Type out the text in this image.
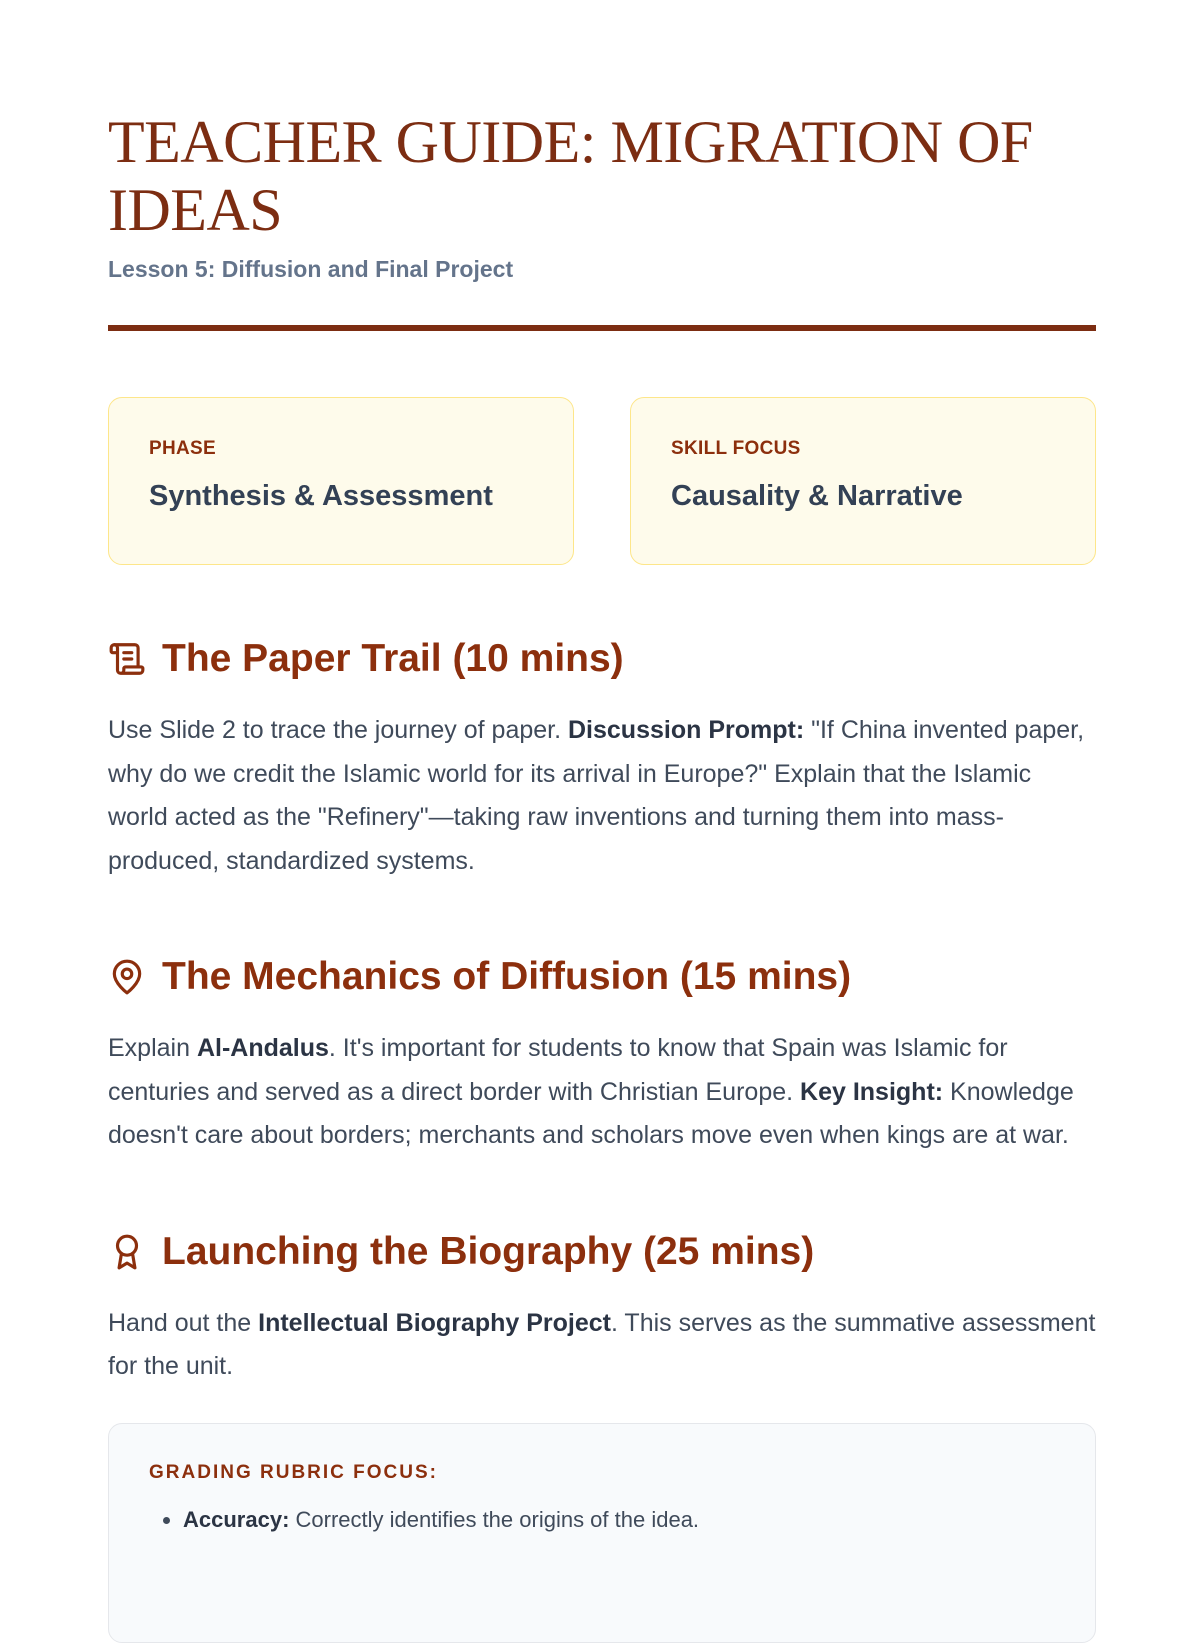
TEACHER GUIDE: MIGRATION OF IDEAS
Lesson 5: Diffusion and Final Project
PHASE
Synthesis & Assessment
SKILL FOCUS
Causality & Narrative
The Paper Trail (10 mins)
Use Slide 2 to trace the journey of paper. Discussion Prompt: "If China invented paper, why do we credit the Islamic world for its arrival in Europe?" Explain that the Islamic world acted as the "Refinery"—taking raw inventions and turning them into mass-produced, standardized systems.
The Mechanics of Diffusion (15 mins)
Explain Al-Andalus. It's important for students to know that Spain was Islamic for centuries and served as a direct border with Christian Europe. Key Insight: Knowledge doesn't care about borders; merchants and scholars move even when kings are at war.
Launching the Biography (25 mins)
Hand out the Intellectual Biography Project. This serves as the summative assessment for the unit.
GRADING RUBRIC FOCUS:
• Accuracy: Correctly identifies the origins of the idea.
